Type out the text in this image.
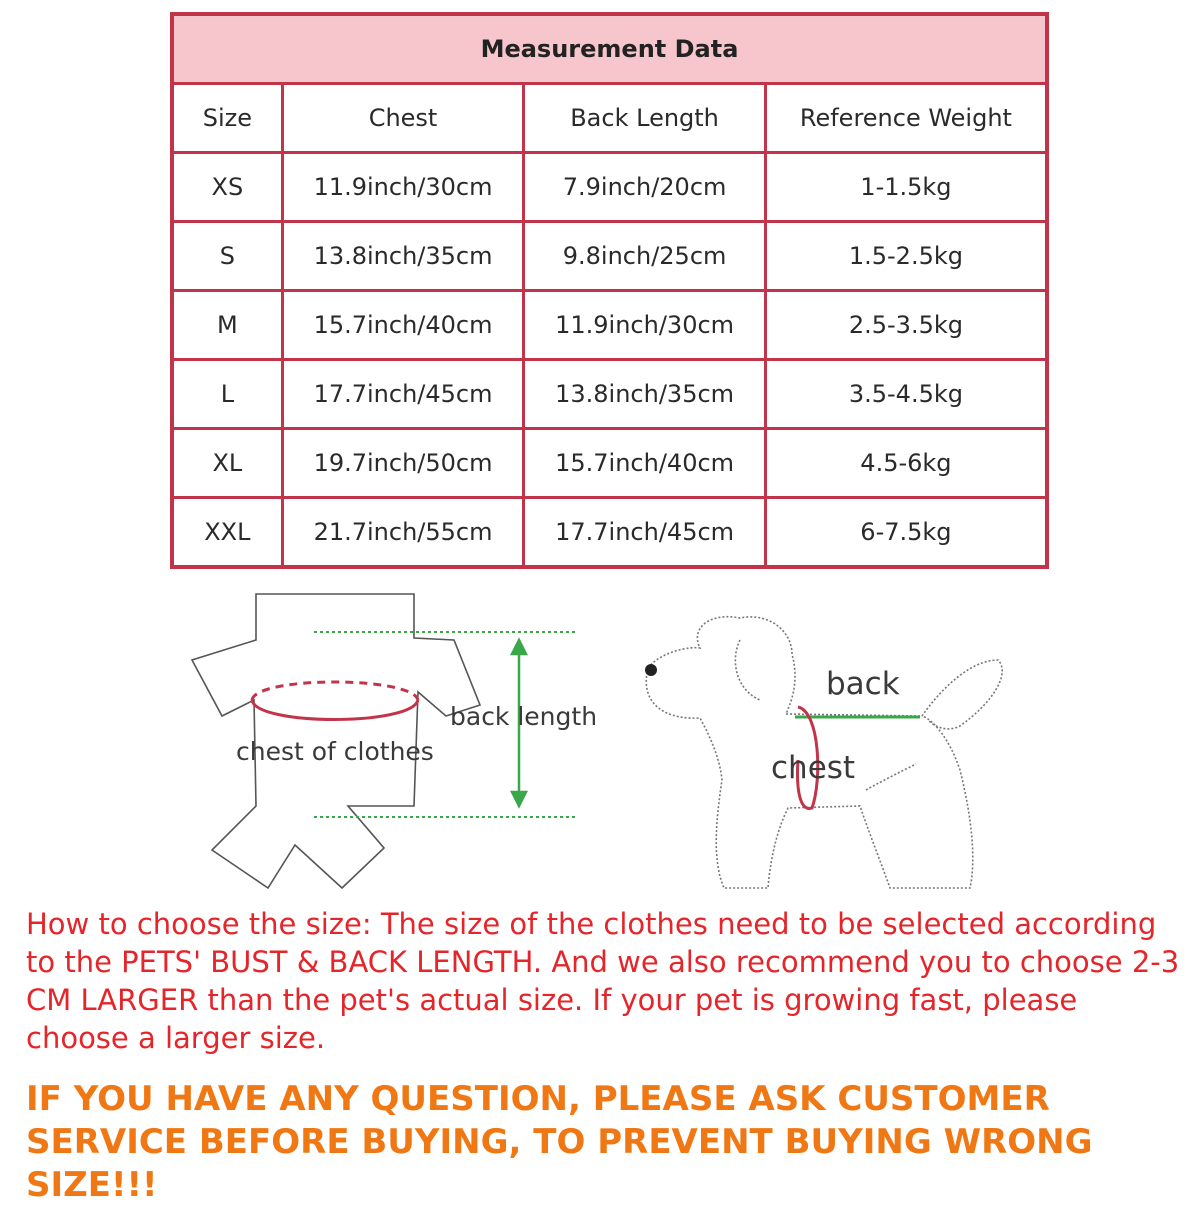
Measurement Data			
Size	Chest	Back Length	Reference Weight
XS	11.9inch/30cm	7.9inch/20cm	1-1.5kg
S	13.8inch/35cm	9.8inch/25cm	1.5-2.5kg
M	15.7inch/40cm	11.9inch/30cm	2.5-3.5kg
L	17.7inch/45cm	13.8inch/35cm	3.5-4.5kg
XL	19.7inch/50cm	15.7inch/40cm	4.5-6kg
XXL	21.7inch/55cm	17.7inch/45cm	6-7.5kg
back length
chest of clothes
back
chest

How to choose the size: The size of the clothes need to be selected according to the PETS' BUST & BACK LENGTH. And we also recommend you to choose 2-3 CM LARGER than the pet's actual size. If your pet is growing fast, please choose a larger size.

IF YOU HAVE ANY QUESTION, PLEASE ASK CUSTOMER SERVICE BEFORE BUYING, TO PREVENT BUYING WRONG SIZE!!!
